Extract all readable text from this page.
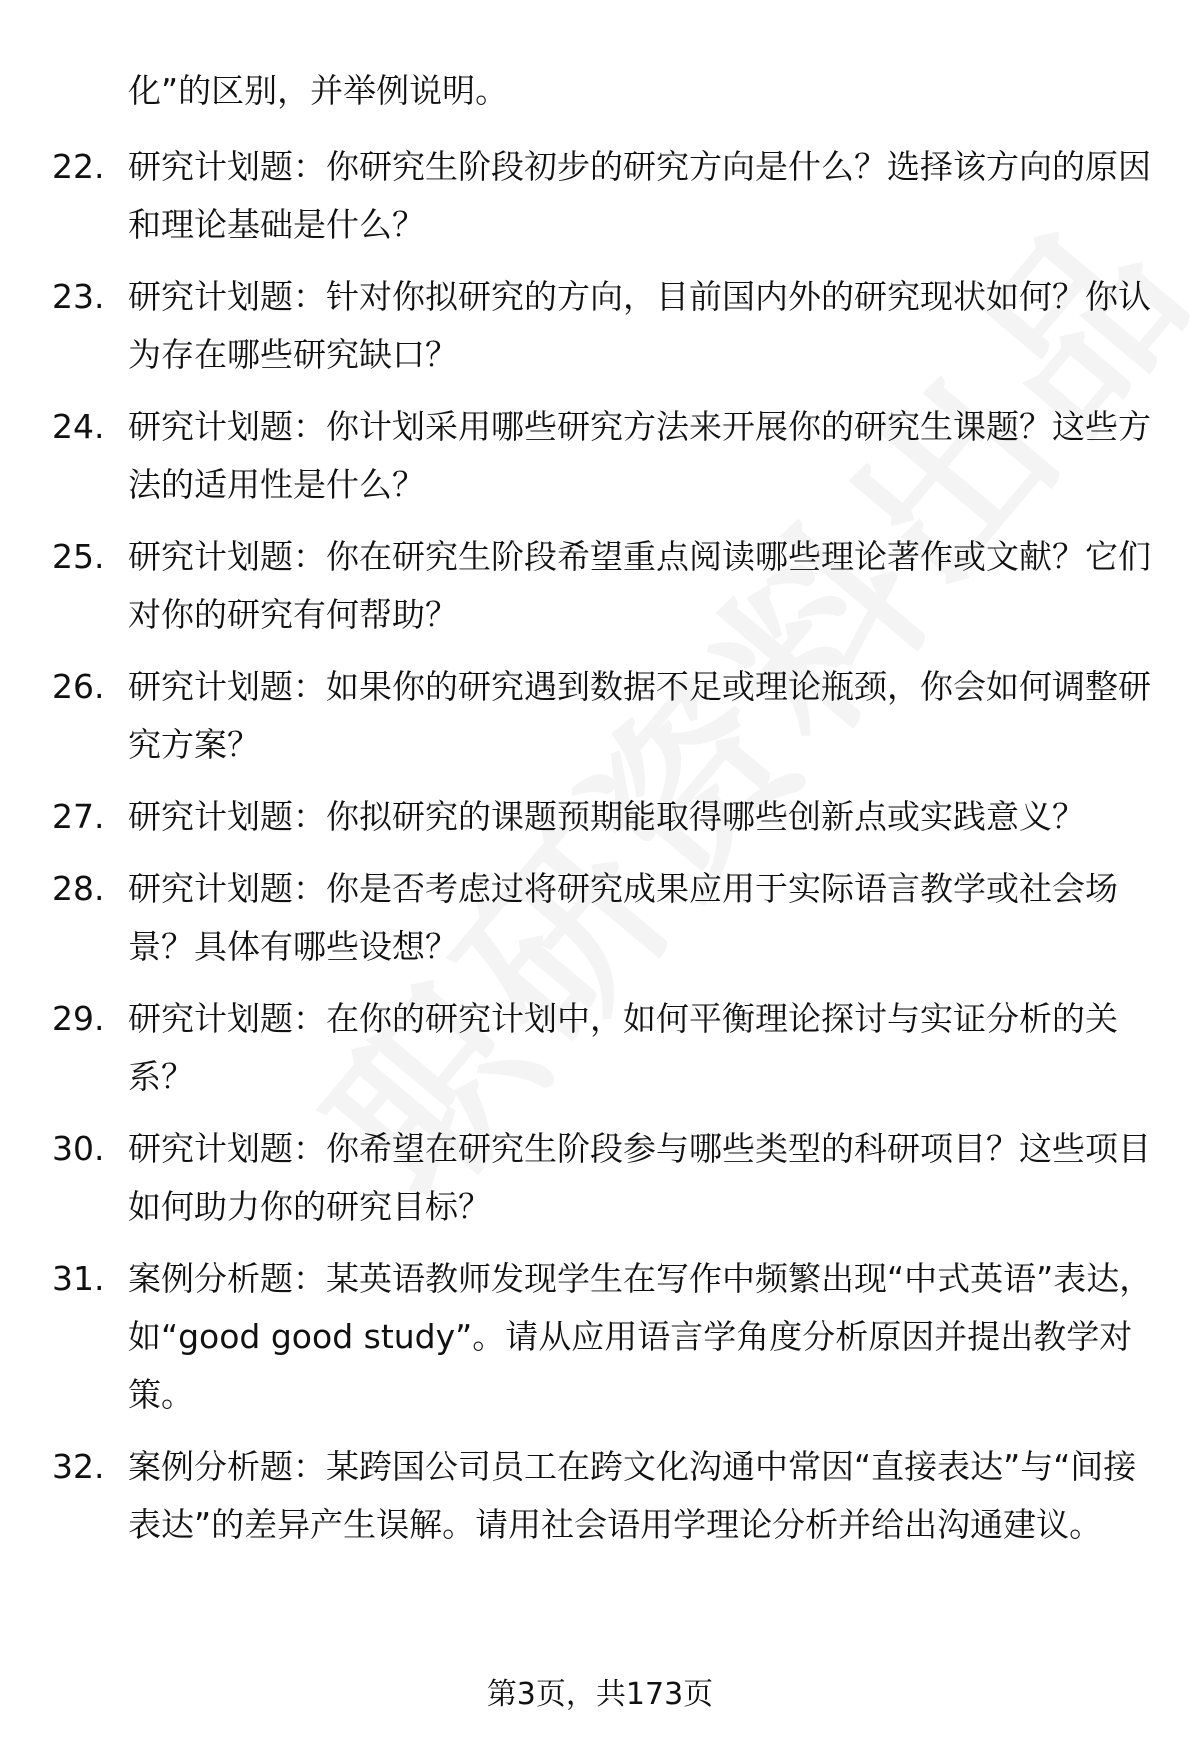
化”的区别，并举例说明。
22. 研究计划题：你研究生阶段初步的研究方向是什么？选择该方向的原因和理论基础是什么？
23. 研究计划题：针对你拟研究的方向，目前国内外的研究现状如何？你认为存在哪些研究缺口？
24. 研究计划题：你计划采用哪些研究方法来开展你的研究生课题？这些方法的适用性是什么？
25. 研究计划题：你在研究生阶段希望重点阅读哪些理论著作或文献？它们对你的研究有何帮助？
26. 研究计划题：如果你的研究遇到数据不足或理论瓶颈，你会如何调整研究方案？
27. 研究计划题：你拟研究的课题预期能取得哪些创新点或实践意义？
28. 研究计划题：你是否考虑过将研究成果应用于实际语言教学或社会场景？具体有哪些设想？
29. 研究计划题：在你的研究计划中，如何平衡理论探讨与实证分析的关系？
30. 研究计划题：你希望在研究生阶段参与哪些类型的科研项目？这些项目如何助力你的研究目标？
31. 案例分析题：某英语教师发现学生在写作中频繁出现“中式英语”表达，如“good good study”。请从应用语言学角度分析原因并提出教学对策。
32. 案例分析题：某跨国公司员工在跨文化沟通中常因“直接表达”与“间接表达”的差异产生误解。请用社会语用学理论分析并给出沟通建议。
第3页，共173页
